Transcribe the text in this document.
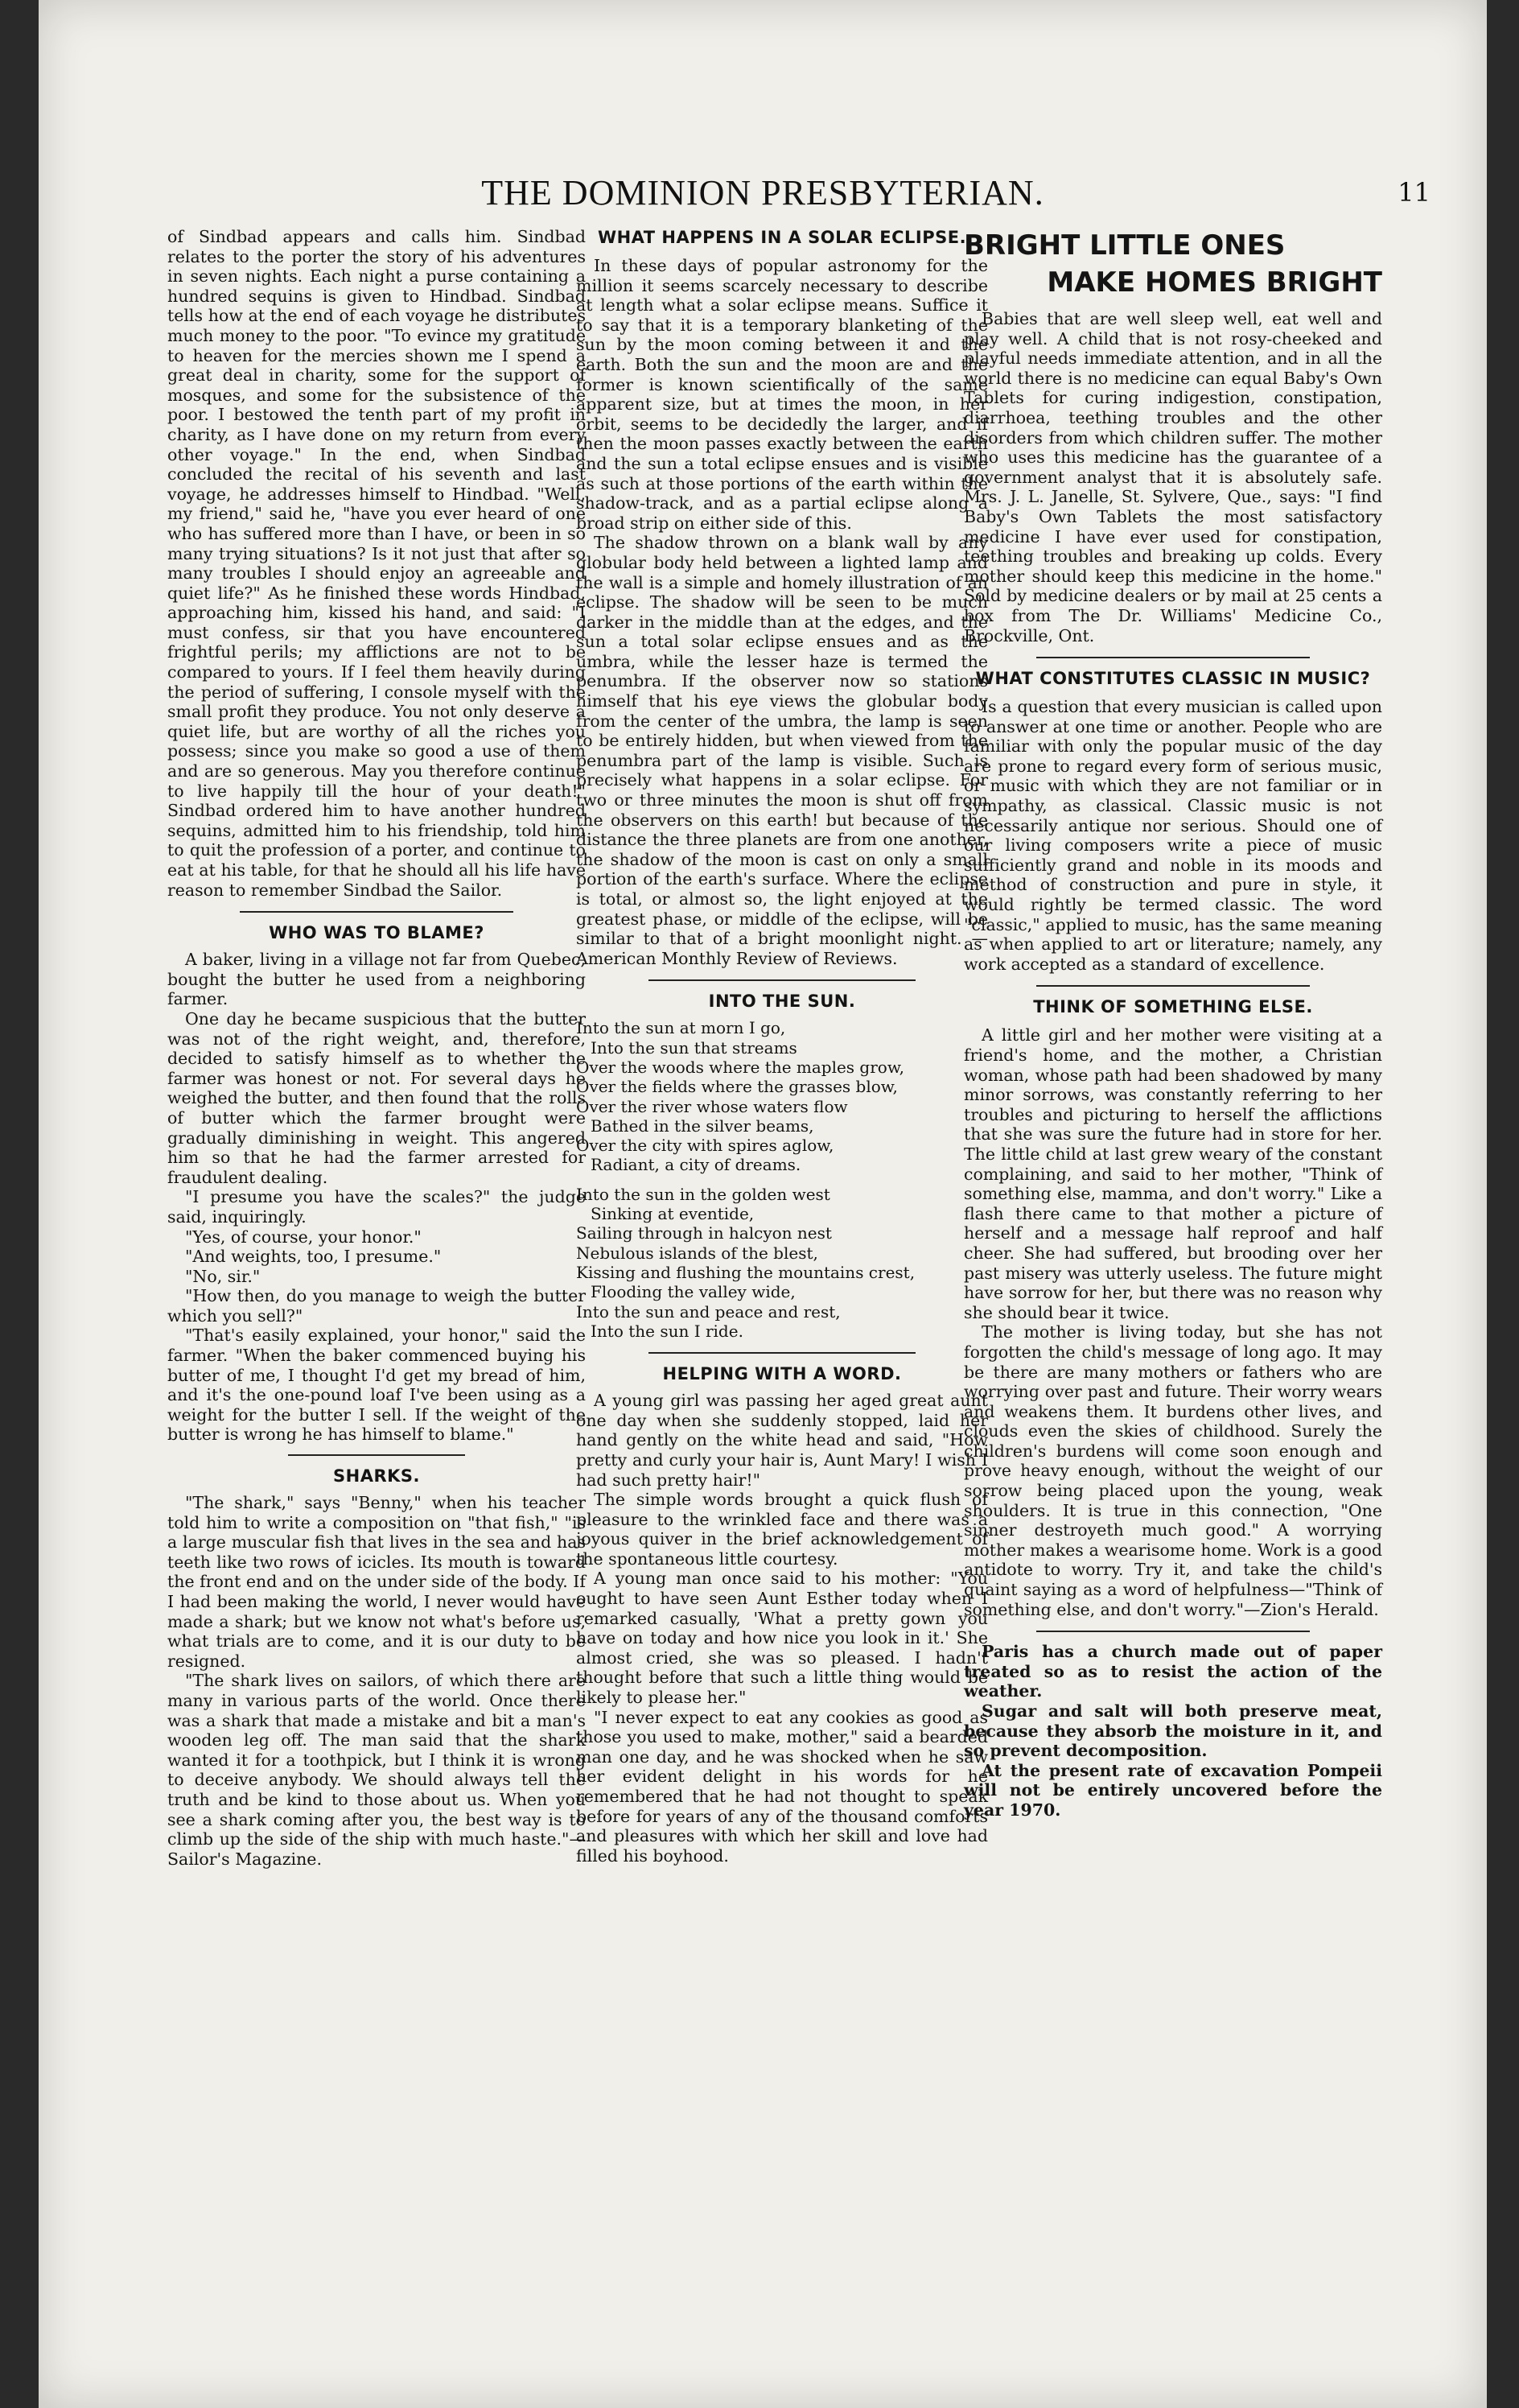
THE DOMINION PRESBYTERIAN.	11

of Sindbad appears and calls him. Sindbad relates to the porter the story of his adventures in seven nights. Each night a purse containing a hundred sequins is given to Hindbad. Sindbad tells how at the end of each voyage he distributes much money to the poor. "To evince my gratitude to heaven for the mercies shown me I spend a great deal in charity, some for the support of mosques, and some for the subsistence of the poor. I bestowed the tenth part of my profit in charity, as I have done on my return from every other voyage." In the end, when Sindbad concluded the recital of his seventh and last voyage, he addresses himself to Hindbad. "Well, my friend," said he, "have you ever heard of one who has suffered more than I have, or been in so many trying situations? Is it not just that after so many troubles I should enjoy an agreeable and quiet life?" As he finished these words Hindbad, approaching him, kissed his hand, and said: "I must confess, sir that you have encountered frightful perils; my afflictions are not to be compared to yours. If I feel them heavily during the period of suffering, I console myself with the small profit they produce. You not only deserve a quiet life, but are worthy of all the riches you possess; since you make so good a use of them and are so generous. May you therefore continue to live happily till the hour of your death!" Sindbad ordered him to have another hundred sequins, admitted him to his friendship, told him to quit the profession of a porter, and continue to eat at his table, for that he should all his life have reason to remember Sindbad the Sailor.

WHO WAS TO BLAME?

A baker, living in a village not far from Quebec, bought the butter he used from a neighboring farmer.

One day he became suspicious that the butter was not of the right weight, and, therefore, decided to satisfy himself as to whether the farmer was honest or not. For several days he weighed the butter, and then found that the rolls of butter which the farmer brought were gradually diminishing in weight. This angered him so that he had the farmer arrested for fraudulent dealing.

"I presume you have the scales?" the judge said, inquiringly.

"Yes, of course, your honor."

"And weights, too, I presume."

"No, sir."

"How then, do you manage to weigh the butter which you sell?"

"That's easily explained, your honor," said the farmer. "When the baker commenced buying his butter of me, I thought I'd get my bread of him, and it's the one-pound loaf I've been using as a weight for the butter I sell. If the weight of the butter is wrong he has himself to blame."

SHARKS.

"The shark," says "Benny," when his teacher told him to write a composition on "that fish," "is a large muscular fish that lives in the sea and has teeth like two rows of icicles. Its mouth is toward the front end and on the under side of the body. If I had been making the world, I never would have made a shark; but we know not what's before us, what trials are to come, and it is our duty to be resigned.

"The shark lives on sailors, of which there are many in various parts of the world. Once there was a shark that made a mistake and bit a man's wooden leg off. The man said that the shark wanted it for a toothpick, but I think it is wrong to deceive anybody. We should always tell the truth and be kind to those about us. When you see a shark coming after you, the best way is to climb up the side of the ship with much haste."—Sailor's Magazine.

WHAT HAPPENS IN A SOLAR ECLIPSE.

In these days of popular astronomy for the million it seems scarcely necessary to describe at length what a solar eclipse means. Suffice it to say that it is a temporary blanketing of the sun by the moon coming between it and the earth. Both the sun and the moon are and the former is known scientifically of the same apparent size, but at times the moon, in her orbit, seems to be decidedly the larger, and if then the moon passes exactly between the earth and the sun a total eclipse ensues and is visible as such at those portions of the earth within the shadow-track, and as a partial eclipse along a broad strip on either side of this.

The shadow thrown on a blank wall by any globular body held between a lighted lamp and the wall is a simple and homely illustration of an eclipse. The shadow will be seen to be much darker in the middle than at the edges, and the sun a total solar eclipse ensues and as the umbra, while the lesser haze is termed the penumbra. If the observer now so stations himself that his eye views the globular body from the center of the umbra, the lamp is seen to be entirely hidden, but when viewed from the penumbra part of the lamp is visible. Such is precisely what happens in a solar eclipse. For two or three minutes the moon is shut off from the observers on this earth! but because of the distance the three planets are from one another, the shadow of the moon is cast on only a small portion of the earth's surface. Where the eclipse is total, or almost so, the light enjoyed at the greatest phase, or middle of the eclipse, will be similar to that of a bright moonlight night. — American Monthly Review of Reviews.

INTO THE SUN.
Into the sun at morn I go,
Into the sun that streams
Over the woods where the maples grow,
Over the fields where the grasses blow,
Over the river whose waters flow
Bathed in the silver beams,
Over the city with spires aglow,
Radiant, a city of dreams.
Into the sun in the golden west
Sinking at eventide,
Sailing through in halcyon nest
Nebulous islands of the blest,
Kissing and flushing the mountains crest,
Flooding the valley wide,
Into the sun and peace and rest,
Into the sun I ride.
HELPING WITH A WORD.

A young girl was passing her aged great aunt one day when she suddenly stopped, laid her hand gently on the white head and said, "How pretty and curly your hair is, Aunt Mary! I wish I had such pretty hair!"

The simple words brought a quick flush of pleasure to the wrinkled face and there was a joyous quiver in the brief acknowledgement of the spontaneous little courtesy.

A young man once said to his mother: "You ought to have seen Aunt Esther today when I remarked casually, 'What a pretty gown you have on today and how nice you look in it.' She almost cried, she was so pleased. I hadn't thought before that such a little thing would be likely to please her."

"I never expect to eat any cookies as good as those you used to make, mother," said a bearded man one day, and he was shocked when he saw her evident delight in his words for he remembered that he had not thought to speak before for years of any of the thousand comforts and pleasures with which her skill and love had filled his boyhood.

BRIGHT LITTLE ONES
MAKE HOMES BRIGHT

Babies that are well sleep well, eat well and play well. A child that is not rosy-cheeked and playful needs immediate attention, and in all the world there is no medicine can equal Baby's Own Tablets for curing indigestion, constipation, diarrhoea, teething troubles and the other disorders from which children suffer. The mother who uses this medicine has the guarantee of a government analyst that it is absolutely safe. Mrs. J. L. Janelle, St. Sylvere, Que., says: "I find Baby's Own Tablets the most satisfactory medicine I have ever used for constipation, teething troubles and breaking up colds. Every mother should keep this medicine in the home." Sold by medicine dealers or by mail at 25 cents a box from The Dr. Williams' Medicine Co., Brockville, Ont.

WHAT CONSTITUTES CLASSIC IN MUSIC?

Is a question that every musician is called upon to answer at one time or another. People who are familiar with only the popular music of the day are prone to regard every form of serious music, or music with which they are not familiar or in sympathy, as classical. Classic music is not necessarily antique nor serious. Should one of our living composers write a piece of music sufficiently grand and noble in its moods and method of construction and pure in style, it would rightly be termed classic. The word "classic," applied to music, has the same meaning as when applied to art or literature; namely, any work accepted as a standard of excellence.

THINK OF SOMETHING ELSE.

A little girl and her mother were visiting at a friend's home, and the mother, a Christian woman, whose path had been shadowed by many minor sorrows, was constantly referring to her troubles and picturing to herself the afflictions that she was sure the future had in store for her. The little child at last grew weary of the constant complaining, and said to her mother, "Think of something else, mamma, and don't worry." Like a flash there came to that mother a picture of herself and a message half reproof and half cheer. She had suffered, but brooding over her past misery was utterly useless. The future might have sorrow for her, but there was no reason why she should bear it twice.

The mother is living today, but she has not forgotten the child's message of long ago. It may be there are many mothers or fathers who are worrying over past and future. Their worry wears and weakens them. It burdens other lives, and clouds even the skies of childhood. Surely the children's burdens will come soon enough and prove heavy enough, without the weight of our sorrow being placed upon the young, weak shoulders. It is true in this connection, "One sinner destroyeth much good." A worrying mother makes a wearisome home. Work is a good antidote to worry. Try it, and take the child's quaint saying as a word of helpfulness—"Think of something else, and don't worry."—Zion's Herald.

Paris has a church made out of paper treated so as to resist the action of the weather.

Sugar and salt will both preserve meat, because they absorb the moisture in it, and so prevent decomposition.

At the present rate of excavation Pompeii will not be entirely uncovered before the year 1970.
